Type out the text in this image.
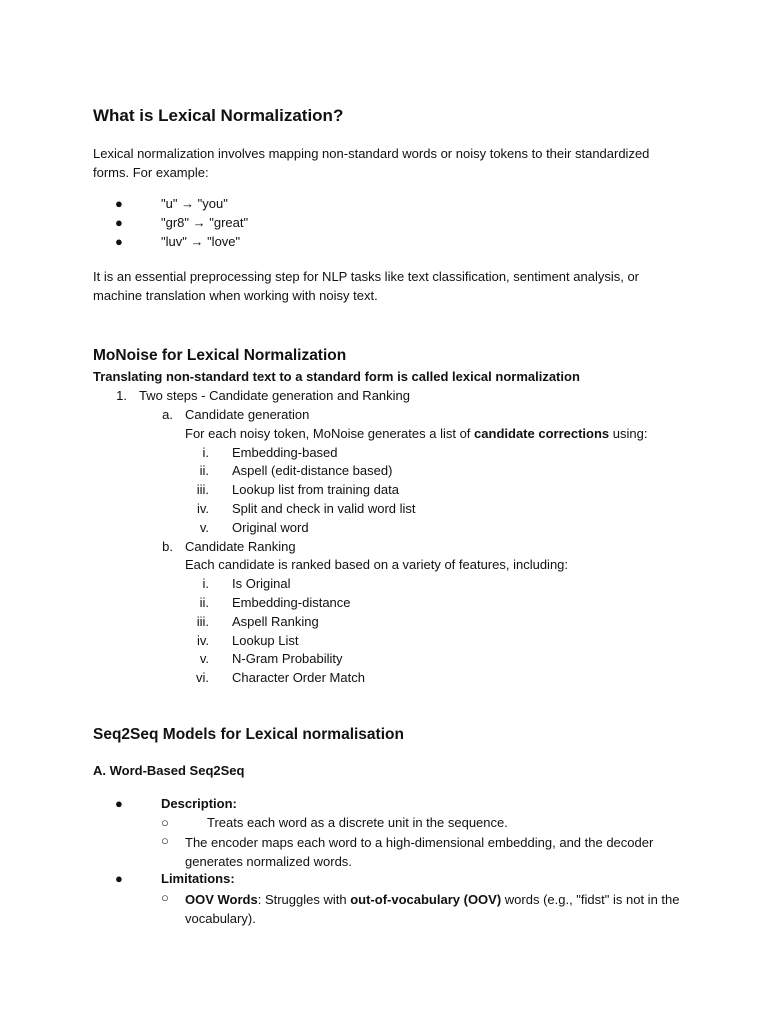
What is Lexical Normalization?
Lexical normalization involves mapping non-standard words or noisy tokens to their standardized forms. For example:
●	"u" → "you"
●	"gr8" → "great"
●	"luv" → "love"
It is an essential preprocessing step for NLP tasks like text classification, sentiment analysis, or machine translation when working with noisy text.
MoNoise for Lexical Normalization
Translating non-standard text to a standard form is called lexical normalization
1. Two steps - Candidate generation and Ranking
a. Candidate generation
For each noisy token, MoNoise generates a list of candidate corrections using:
i. Embedding-based
ii. Aspell (edit-distance based)
iii. Lookup list from training data
iv. Split and check in valid word list
v. Original word
b. Candidate Ranking
Each candidate is ranked based on a variety of features, including:
i. Is Original
ii. Embedding-distance
iii. Aspell Ranking
iv. Lookup List
v. N-Gram Probability
vi. Character Order Match
Seq2Seq Models for Lexical normalisation
A. Word-Based Seq2Seq
●	Description:
○	Treats each word as a discrete unit in the sequence.
○	The encoder maps each word to a high-dimensional embedding, and the decoder generates normalized words.
●	Limitations:
○	OOV Words: Struggles with out-of-vocabulary (OOV) words (e.g., "fidst" is not in the vocabulary).
